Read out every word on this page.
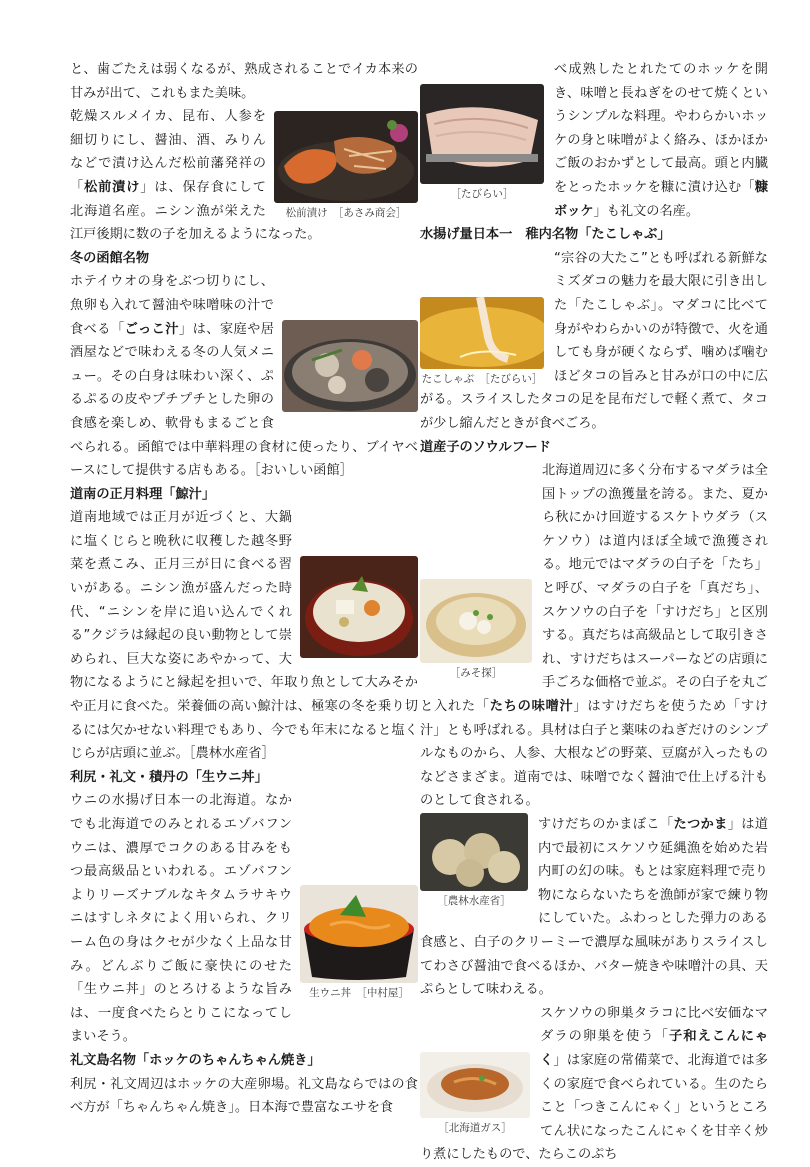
と、歯ごたえは弱くなるが、熟成されることでイカ本来の甘みが出て、これもまた美味。

松前漬け　［あさみ商会］

乾燥スルメイカ、昆布、人参を細切りにし、醤油、酒、みりんなどで漬け込んだ松前藩発祥の「松前漬け」は、保存食にして北海道名産。ニシン漁が栄えた江戸後期に数の子を加えるようになった。

冬の函館名物

ホテイウオの身をぶつ切りにし、魚卵も入れて醤油や味噌味の汁で食べる「ごっこ汁」は、家庭や居酒屋などで味わえる冬の人気メニュー。その白身は味わい深く、ぷるぷるの皮やプチプチとした卵の食感を楽しめ、軟骨もまるごと食べられる。函館では中華料理の食材に使ったり、ブイヤベースにして提供する店もある。［おいしい函館］

道南の正月料理「鯨汁」

道南地域では正月が近づくと、大鍋に塩くじらと晩秋に収穫した越冬野菜を煮こみ、正月三が日に食べる習いがある。ニシン漁が盛んだった時代、“ニシンを岸に追い込んでくれる”クジラは縁起の良い動物として崇められ、巨大な姿にあやかって、大物になるようにと縁起を担いで、年取り魚として大みそかや正月に食べた。栄養価の高い鯨汁は、極寒の冬を乗り切るには欠かせない料理でもあり、今でも年末になると塩くじらが店頭に並ぶ。［農林水産省］

利尻・礼文・積丹の「生ウニ丼」

生ウニ丼　［中村屋］

ウニの水揚げ日本一の北海道。なかでも北海道でのみとれるエゾバフンウニは、濃厚でコクのある甘みをもつ最高級品といわれる。エゾバフンよりリーズナブルなキタムラサキウニはすしネタによく用いられ、クリーム色の身はクセが少なく上品な甘み。どんぶりご飯に豪快にのせた「生ウニ丼」のとろけるような旨みは、一度食べたらとりこになってしまいそう。

礼文島名物「ホッケのちゃんちゃん焼き」

利尻・礼文周辺はホッケの大産卵場。礼文島ならではの食べ方が「ちゃんちゃん焼き」。日本海で豊富なエサを食

［たびらい］

べ成熟したとれたてのホッケを開き、味噌と長ねぎをのせて焼くというシンプルな料理。やわらかいホッケの身と味噌がよく絡み、ほかほかご飯のおかずとして最高。頭と内臓をとったホッケを糠に漬け込む「糠ボッケ」も礼文の名産。

水揚げ量日本一　稚内名物「たこしゃぶ」

たこしゃぶ　［たびらい］

“宗谷の大たこ”とも呼ばれる新鮮なミズダコの魅力を最大限に引き出した「たこしゃぶ」。マダコに比べて身がやわらかいのが特徴で、火を通しても身が硬くならず、噛めば噛むほどタコの旨みと甘みが口の中に広がる。スライスしたタコの足を昆布だしで軽く煮て、タコが少し縮んだときが食べごろ。

道産子のソウルフード

［みそ探］

北海道周辺に多く分布するマダラは全国トップの漁獲量を誇る。また、夏から秋にかけ回遊するスケトウダラ（スケソウ）は道内ほぼ全域で漁獲される。地元ではマダラの白子を「たち」と呼び、マダラの白子を「真だち」、スケソウの白子を「すけだち」と区別する。真だちは高級品として取引きされ、すけだちはスーパーなどの店頭に手ごろな価格で並ぶ。その白子を丸ごと入れた「たちの味噌汁」はすけだちを使うため「すけ汁」とも呼ばれる。具材は白子と薬味のねぎだけのシンプルなものから、人参、大根などの野菜、豆腐が入ったものなどさまざま。道南では、味噌でなく醤油で仕上げる汁ものとして食される。

［農林水産省］

すけだちのかまぼこ「たつかま」は道内で最初にスケソウ延縄漁を始めた岩内町の幻の味。もとは家庭料理で売り物にならないたちを漁師が家で練り物にしていた。ふわっとした弾力のある食感と、白子のクリーミーで濃厚な風味がありスライスしてわさび醤油で食べるほか、バター焼きや味噌汁の具、天ぷらとして味わえる。

［北海道ガス］

スケソウの卵巣タラコに比べ安価なマダラの卵巣を使う「子和えこんにゃく」は家庭の常備菜で、北海道では多くの家庭で食べられている。生のたらこと「つきこんにゃく」というところてん状になったこんにゃくを甘辛く炒り煮にしたもので、たらこのぷち
